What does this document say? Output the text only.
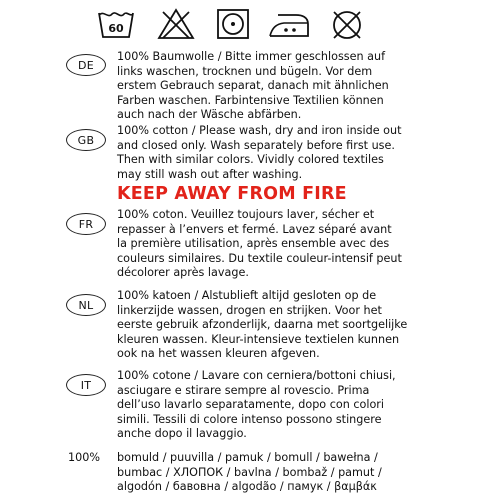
60
DE
100% Baumwolle / Bitte immer geschlossen auf
links waschen, trocknen und bügeln. Vor dem
erstem Gebrauch separat, danach mit ähnlichen
Farben waschen. Farbintensive Textilien können
auch nach der Wäsche abfärben.
GB
100% cotton / Please wash, dry and iron inside out
and closed only. Wash separately before first use.
Then with similar colors. Vividly colored textiles
may still wash out after washing.
KEEP AWAY FROM FIRE
FR
100% coton. Veuillez toujours laver, sécher et
repasser à l’envers et fermé. Lavez séparé avant
la première utilisation, après ensemble avec des
couleurs similaires. Du textile couleur-intensif peut
décolorer après lavage.
NL
100% katoen / Alstublieft altijd gesloten op de
linkerzijde wassen, drogen en strijken. Voor het
eerste gebruik afzonderlijk, daarna met soortgelijke
kleuren wassen. Kleur-intensieve textielen kunnen
ook na het wassen kleuren afgeven.
IT
100% cotone / Lavare con cerniera/bottoni chiusi,
asciugare e stirare sempre al rovescio. Prima
dell’uso lavarlo separatamente, dopo con colori
simili. Tessili di colore intenso possono stingere
anche dopo il lavaggio.
100% bomuld / puuvilla / pamuk / bomull / bawełna /
bumbac / ХЛОПОК / bavlna / bombaž / pamut /
algodón / бавовна / algodão / памук / βαμβάκ
